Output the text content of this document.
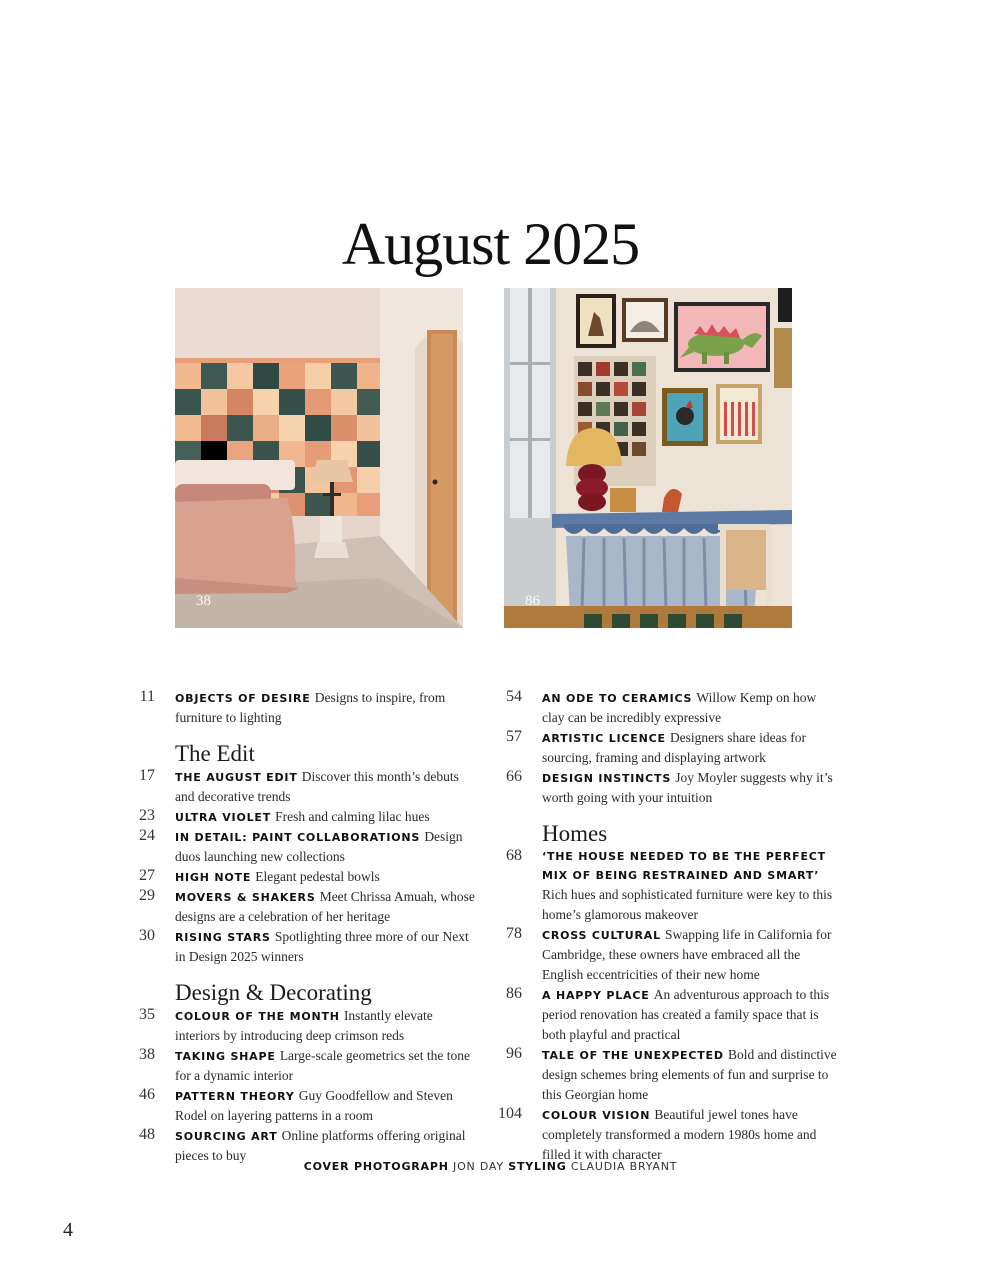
August 2025
38	86
11 OBJECTS OF DESIRE Designs to inspire, from furniture to lighting
The Edit
17 THE AUGUST EDIT Discover this month’s debuts and decorative trends
23 ULTRA VIOLET Fresh and calming lilac hues
24 IN DETAIL: PAINT COLLABORATIONS Design duos launching new collections
27 HIGH NOTE Elegant pedestal bowls
29 MOVERS & SHAKERS Meet Chrissa Amuah, whose designs are a celebration of her heritage
30 RISING STARS Spotlighting three more of our Next in Design 2025 winners
Design & Decorating
35 COLOUR OF THE MONTH Instantly elevate interiors by introducing deep crimson reds
38 TAKING SHAPE Large-scale geometrics set the tone for a dynamic interior
46 PATTERN THEORY Guy Goodfellow and Steven Rodel on layering patterns in a room
48 SOURCING ART Online platforms offering original pieces to buy
54 AN ODE TO CERAMICS Willow Kemp on how clay can be incredibly expressive
57 ARTISTIC LICENCE Designers share ideas for sourcing, framing and displaying artwork
66 DESIGN INSTINCTS Joy Moyler suggests why it’s worth going with your intuition
Homes
68 ‘THE HOUSE NEEDED TO BE THE PERFECT MIX OF BEING RESTRAINED AND SMART’ Rich hues and sophisticated furniture were key to this home’s glamorous makeover
78 CROSS CULTURAL Swapping life in California for Cambridge, these owners have embraced all the English eccentricities of their new home
86 A HAPPY PLACE An adventurous approach to this period renovation has created a family space that is both playful and practical
96 TALE OF THE UNEXPECTED Bold and distinctive design schemes bring elements of fun and surprise to this Georgian home
104 COLOUR VISION Beautiful jewel tones have completely transformed a modern 1980s home and filled it with character
COVER PHOTOGRAPH JON DAY STYLING CLAUDIA BRYANT
4
